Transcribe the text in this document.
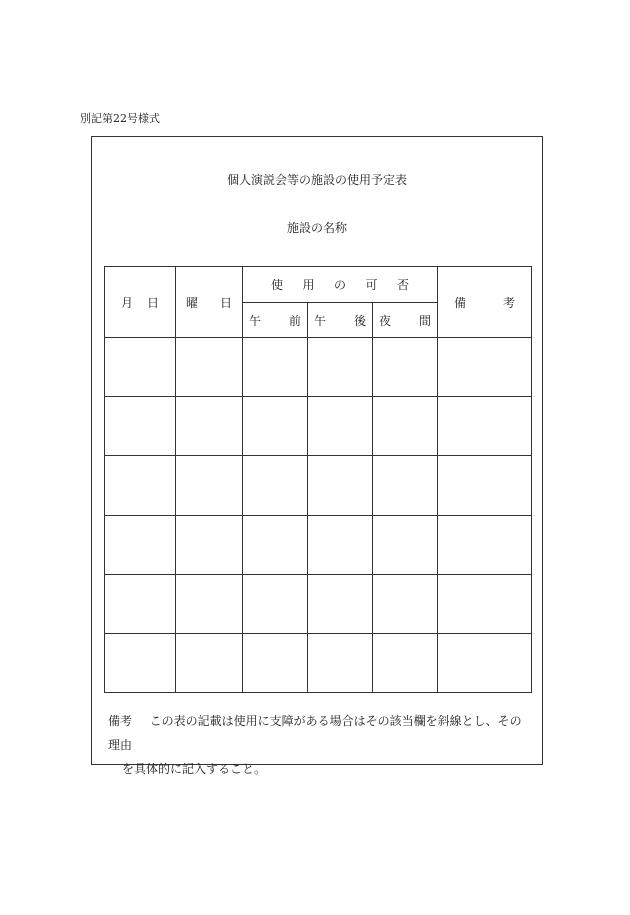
別記第22号様式
個人演説会等の施設の使用予定表
施設の名称
月 日	曜 日	使 用 の 可 否			備 考

		午 前	午 後	夜 間	

備考 この表の記載は使用に支障がある場合はその該当欄を斜線とし、その理由
を具体的に記入すること。
